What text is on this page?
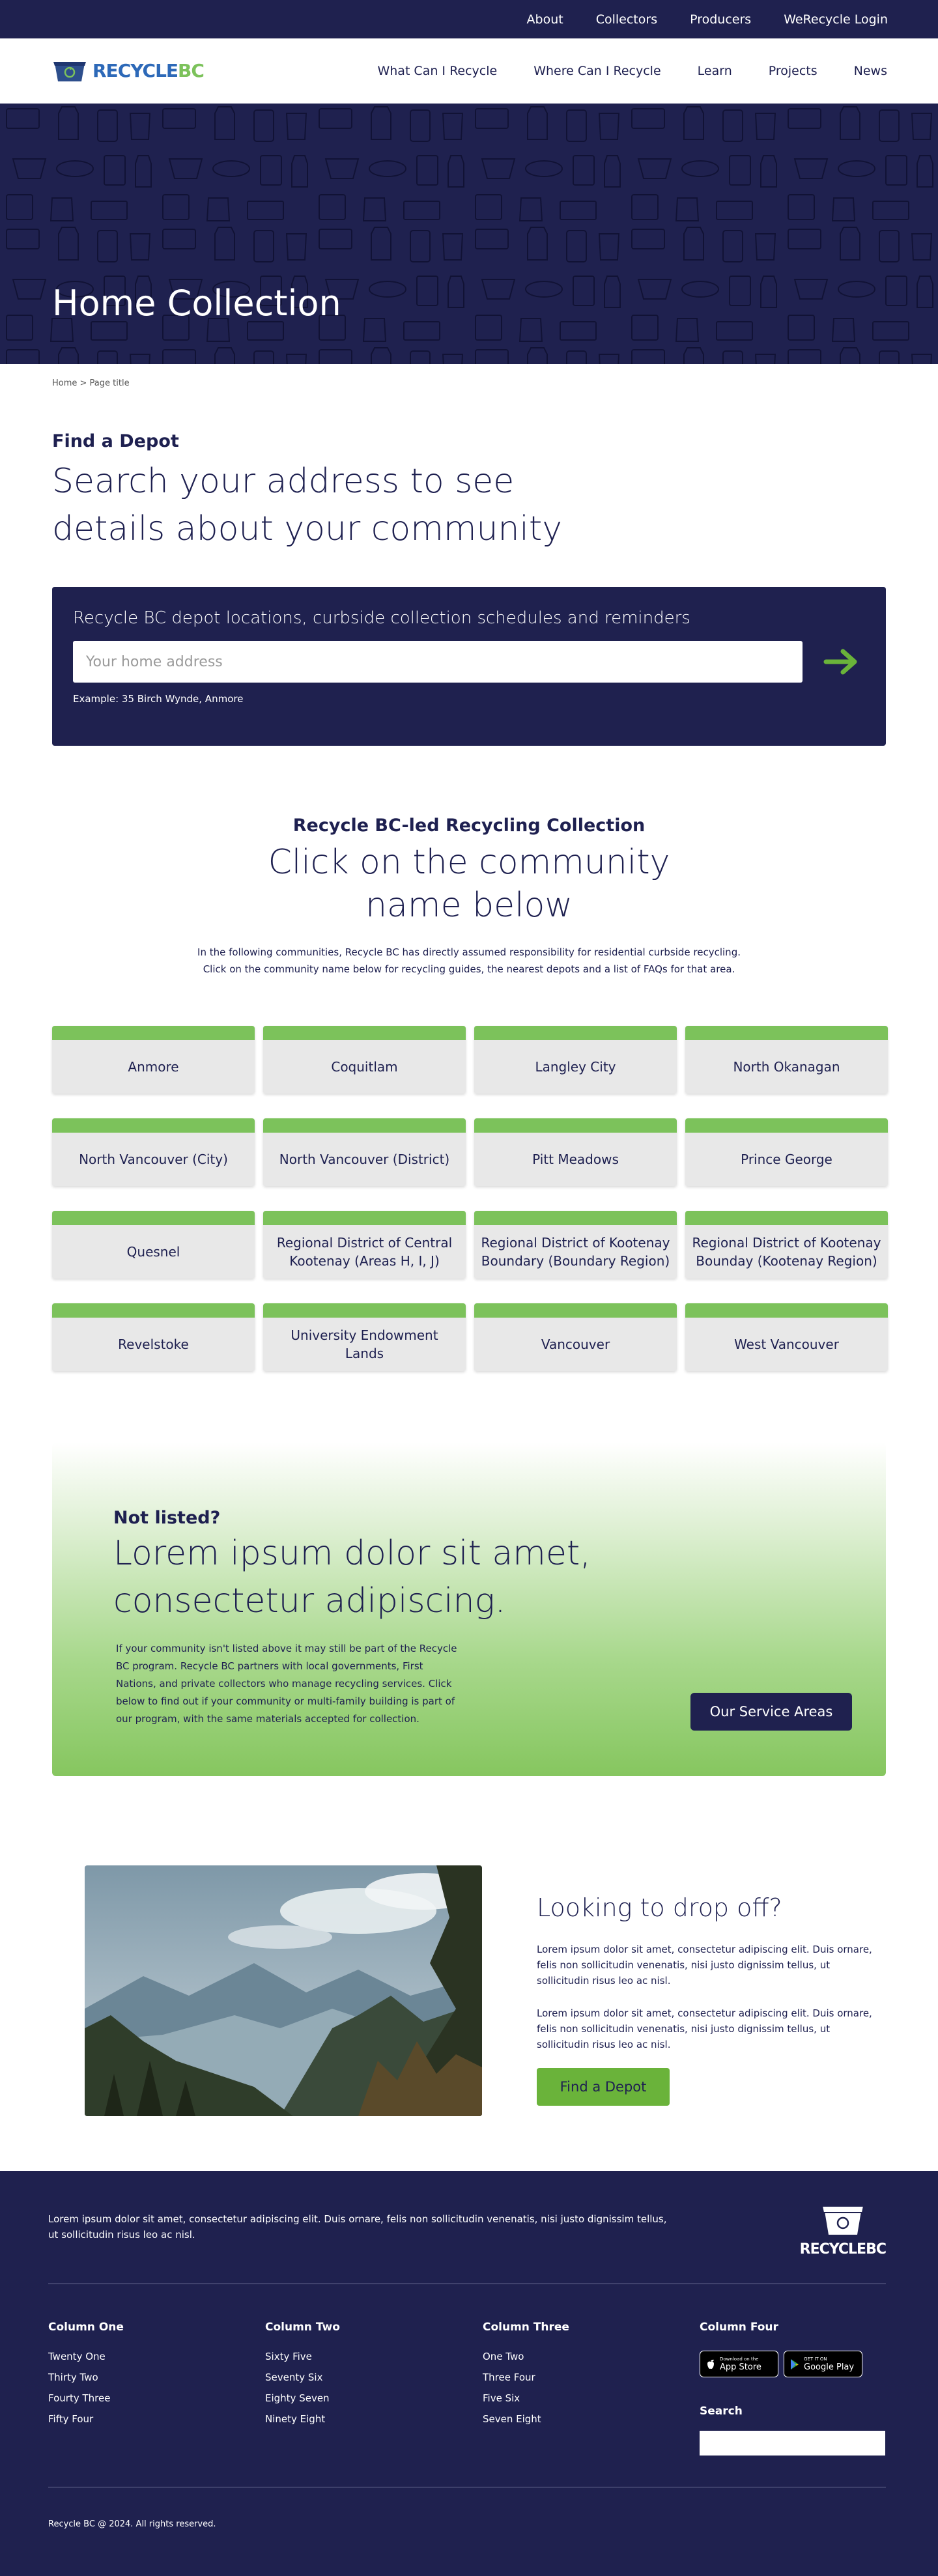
About	Collectors	Producers	WeRecycle Login
RECYCLEBC	What Can I Recycle	Where Can I Recycle	Learn	Projects	News
Home Collection
Home > Page title
Find a Depot
Search your address to see
details about your community
Recycle BC depot locations, curbside collection schedules and reminders
Your home address
Example: 35 Birch Wynde, Anmore
Recycle BC-led Recycling Collection
Click on the community
name below
In the following communities, Recycle BC has directly assumed responsibility for residential curbside recycling.
Click on the community name below for recycling guides, the nearest depots and a list of FAQs for that area.
Anmore	Coquitlam	Langley City	North Okanagan
North Vancouver (City)	North Vancouver (District)	Pitt Meadows	Prince George
Quesnel
Regional District of Central Kootenay (Areas H, I, J)
Regional District of Kootenay Boundary (Boundary Region)
Regional District of Kootenay Bounday (Kootenay Region)
Revelstoke
University Endowment Lands
Vancouver	West Vancouver
Not listed?
Lorem ipsum dolor sit amet,
consectetur adipiscing.
If your community isn't listed above it may still be part of the Recycle BC program. Recycle BC partners with local governments, First Nations, and private collectors who manage recycling services. Click below to find out if your community or multi-family building is part of our program, with the same materials accepted for collection.	Our Service Areas
Looking to drop off?

Lorem ipsum dolor sit amet, consectetur adipiscing elit. Duis ornare, felis non sollicitudin venenatis, nisi justo dignissim tellus, ut sollicitudin risus leo ac nisl.

Lorem ipsum dolor sit amet, consectetur adipiscing elit. Duis ornare, felis non sollicitudin venenatis, nisi justo dignissim tellus, ut sollicitudin risus leo ac nisl.

Find a Depot
Lorem ipsum dolor sit amet, consectetur adipiscing elit. Duis ornare, felis non sollicitudin venenatis, nisi justo dignissim tellus, ut sollicitudin risus leo ac nisl.
RECYCLEBC
Column One
Twenty One
Thirty Two
Fourty Three
Fifty Four
Column Two
Sixty Five
Seventy Six
Eighty Seven
Ninety Eight
Column Three
One Two
Three Four
Five Six
Seven Eight
Column Four
Download on the
App Store
GET IT ON
Google Play
Search
Recycle BC @ 2024. All rights reserved.
